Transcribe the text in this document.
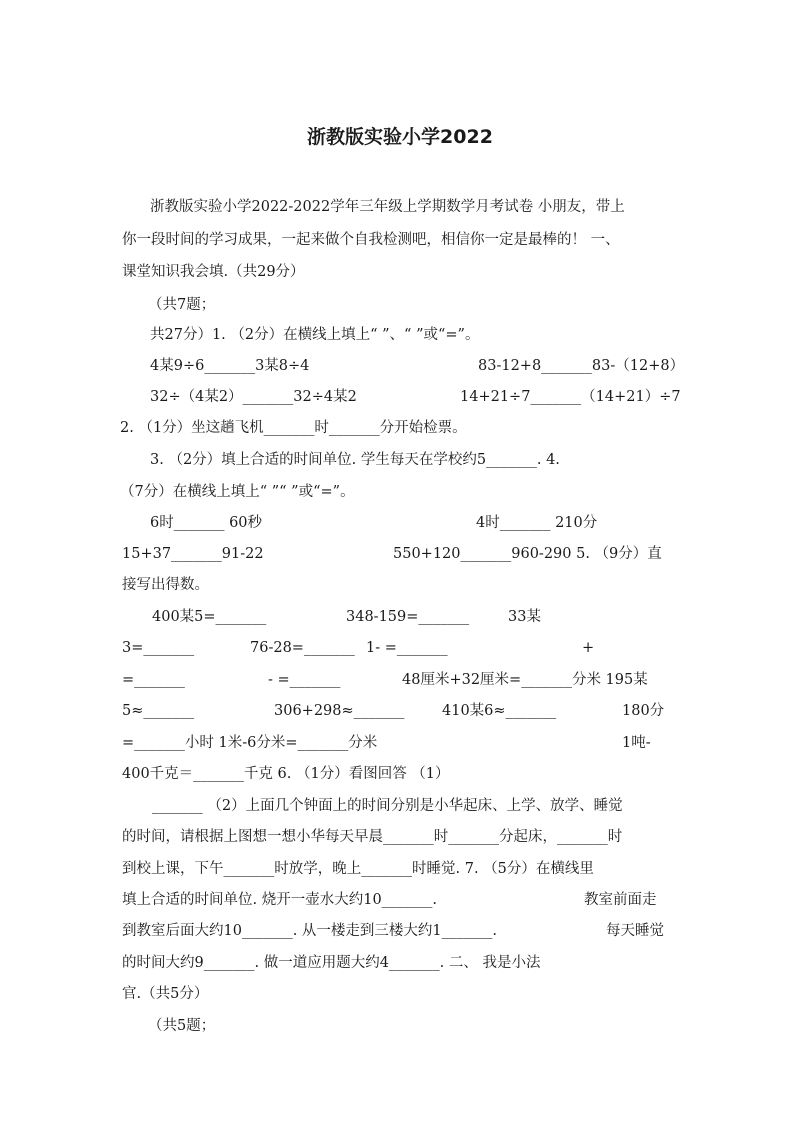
浙教版实验小学2022
浙教版实验小学2022-2022学年三年级上学期数学月考试卷 小朋友，带上
你一段时间的学习成果，一起来做个自我检测吧，相信你一定是最棒的！ 一、
课堂知识我会填.（共29分）
（共7题；
共27分）1. （2分）在横线上填上“ ”、“ ”或“=”。
4某9÷6_______3某8÷4	83-12+8_______83-（12+8）
32÷（4某2）_______32÷4某2	14+21÷7_______（14+21）÷7
2. （1分）坐这趟飞机_______时_______分开始检票。
3. （2分）填上合适的时间单位. 学生每天在学校约5_______. 4.
（7分）在横线上填上“ ”“ ”或“=”。
6时_______ 60秒	4时_______ 210分
15+37_______91-22	550+120_______960-290 5. （9分）直
接写出得数。
400某5=_______	348-159=_______	33某
3=_______	76-28=_______ 1- =_______	+
=_______	- =_______	48厘米+32厘米=_______分米 195某
5≈_______	306+298≈_______	410某6≈_______	180分
=_______小时 1米-6分米=_______分米	1吨-
400千克＝_______千克 6. （1分）看图回答 （1）
_______ （2）上面几个钟面上的时间分别是小华起床、上学、放学、睡觉
的时间，请根据上图想一想小华每天早晨_______时_______分起床，_______时
到校上课，下午_______时放学，晚上_______时睡觉. 7. （5分）在横线里
填上合适的时间单位. 烧开一壶水大约10_______.	教室前面走
到教室后面大约10_______. 从一楼走到三楼大约1_______.	每天睡觉
的时间大约9_______. 做一道应用题大约4_______. 二、 我是小法
官.（共5分）
（共5题；
